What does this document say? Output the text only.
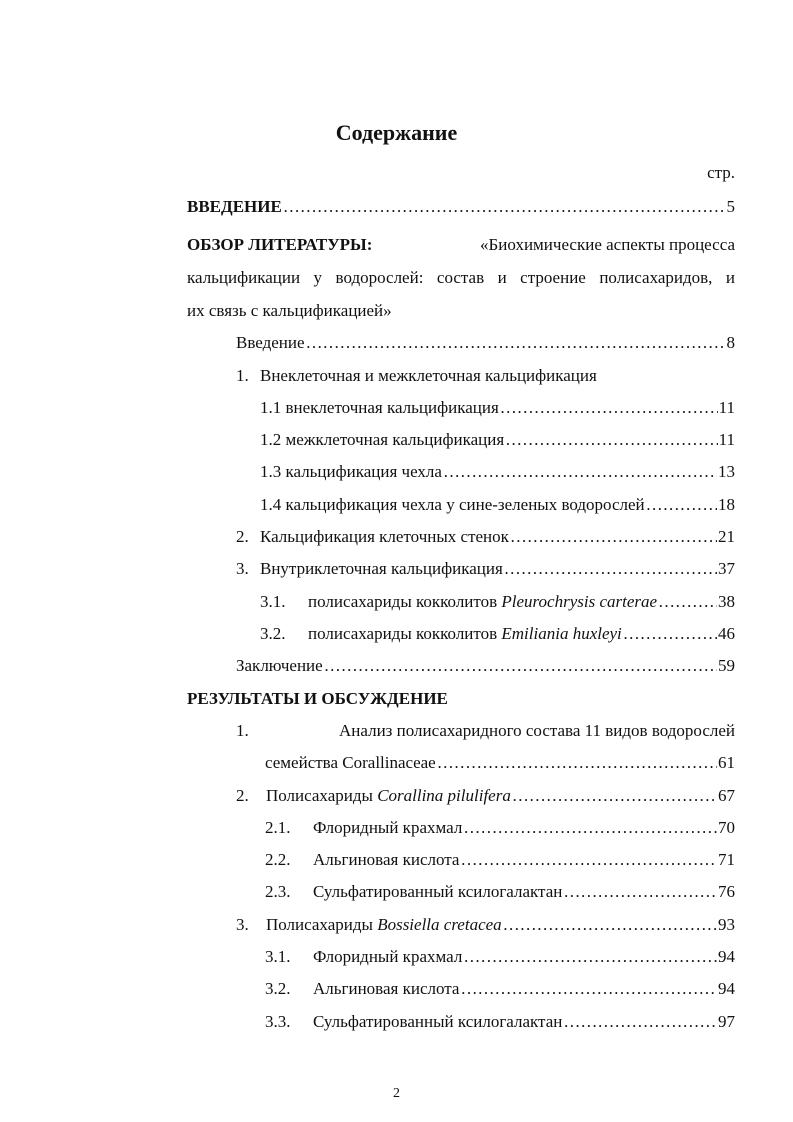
Содержание
стр.
ВВЕДЕНИЕ ……………………………………………………………………………………………………………………………………………………………………	5
ОБЗОР ЛИТЕРАТУРЫ:	«Биохимические аспекты процесса
кальцификации у водорослей: состав и строение полисахаридов, и
их связь с кальцификацией»
Введение ……………………………………………………………………………………………………………………………………………………………………	8
1. Внеклеточная и межклеточная кальцификация
1.1 внеклеточная кальцификация ……………………………………………………………………………………………………………………………………………………………………	11
1.2 межклеточная кальцификация ……………………………………………………………………………………………………………………………………………………………………	11
1.3 кальцификация чехла ……………………………………………………………………………………………………………………………………………………………………	13
1.4 кальцификация чехла у сине-зеленых водорослей ……………………………………………………………………………………………………………………………………………………………………	18
2. Кальцификация клеточных стенок ……………………………………………………………………………………………………………………………………………………………………	21
3. Внутриклеточная кальцификация ……………………………………………………………………………………………………………………………………………………………………	37
3.1. полисахариды кокколитов Pleurochrysis carterae ……………………………………………………………………………………………………………………………………………………………………	38
3.2. полисахариды кокколитов Emiliania huxleyi ……………………………………………………………………………………………………………………………………………………………………	46
Заключение ……………………………………………………………………………………………………………………………………………………………………	59
РЕЗУЛЬТАТЫ И ОБСУЖДЕНИЕ
1.	Анализ полисахаридного состава 11 видов водорослей
семейства Corallinaceae ……………………………………………………………………………………………………………………………………………………………………	61
2. Полисахариды Corallina pilulifera ……………………………………………………………………………………………………………………………………………………………………	67
2.1. Флоридный крахмал ……………………………………………………………………………………………………………………………………………………………………	70
2.2. Альгиновая кислота ……………………………………………………………………………………………………………………………………………………………………	71
2.3. Сульфатированный ксилогалактан ……………………………………………………………………………………………………………………………………………………………………	76
3. Полисахариды Bossiella cretacea ……………………………………………………………………………………………………………………………………………………………………	93
3.1. Флоридный крахмал ……………………………………………………………………………………………………………………………………………………………………	94
3.2. Альгиновая кислота ……………………………………………………………………………………………………………………………………………………………………	94
3.3. Сульфатированный ксилогалактан ……………………………………………………………………………………………………………………………………………………………………	97
2
